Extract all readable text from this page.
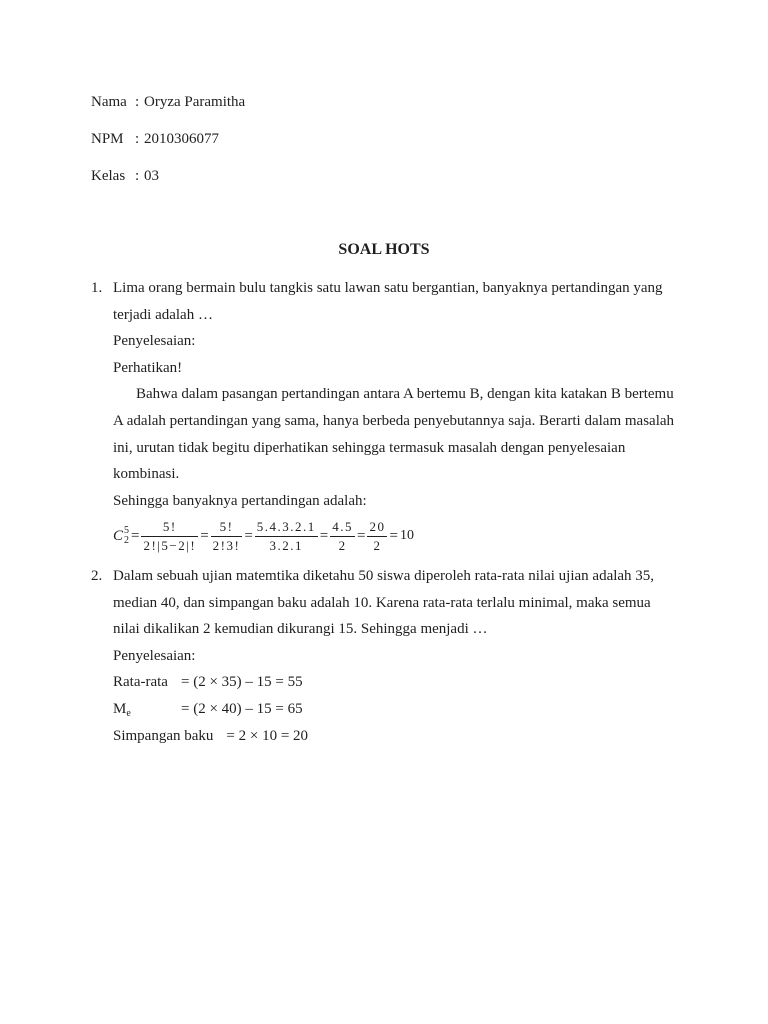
Nama : Oryza Paramitha
NPM : 2010306077
Kelas : 03
SOAL HOTS
1. Lima orang bermain bulu tangkis satu lawan satu bergantian, banyaknya pertandingan yang
terjadi adalah …
Penyelesaian:
Perhatikan!
Bahwa dalam pasangan pertandingan antara A bertemu B, dengan kita katakan B bertemu
A adalah pertandingan yang sama, hanya berbeda penyebutannya saja. Berarti dalam masalah
ini, urutan tidak begitu diperhatikan sehingga termasuk masalah dengan penyelesaian
kombinasi.
Sehingga banyaknya pertandingan adalah:
C 5
$2 = \frac{5!}{2!|5-2|!} = \frac{5!}{2!3!} = \frac{5.4.3.2.1}{3.2.1} = \frac{4.5}{2} = \frac{20}{2} = 10$
2. Dalam sebuah ujian matemtika diketahu 50 siswa diperoleh rata-rata nilai ujian adalah 35,
median 40, dan simpangan baku adalah 10. Karena rata-rata terlalu minimal, maka semua
nilai dikalikan 2 kemudian dikurangi 15. Sehingga menjadi …
Penyelesaian:
Rata-rata = (2 × 35) – 15 = 55
$M_e$	= (2 × 40) – 15 = 65
Simpangan baku = 2 × 10 = 20
